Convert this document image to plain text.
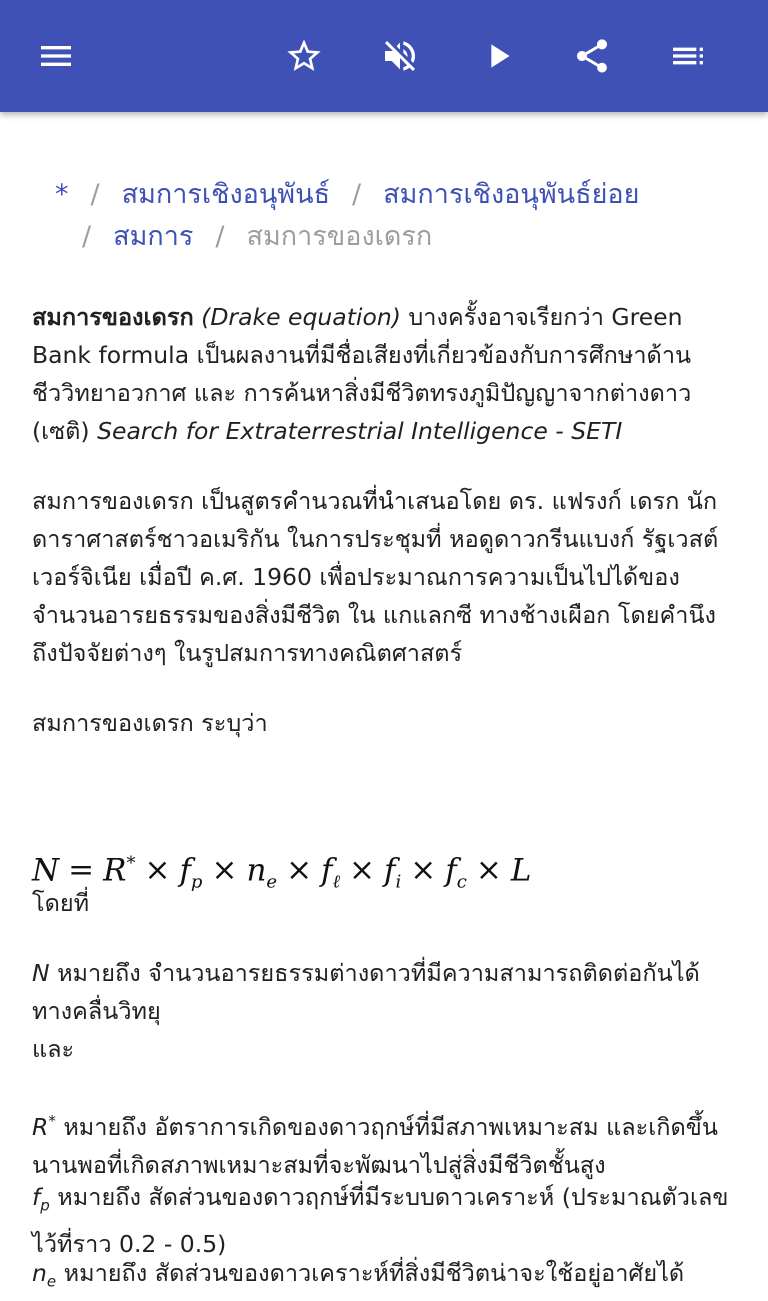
* / สมการเชิงอนุพันธ์ / สมการเชิงอนุพันธ์ย่อย
/ สมการ / สมการของเดรก

สมการของเดรก (Drake equation) บางครั้งอาจเรียกว่า Green Bank formula เป็นผลงานที่มีชื่อเสียงที่เกี่ยวข้องกับการศึกษาด้านชีววิทยาอวกาศ และ การค้นหาสิ่งมีชีวิตทรงภูมิปัญญาจากต่างดาว (เซติ) Search for Extraterrestrial Intelligence - SETI

สมการของเดรก เป็นสูตรคำนวณที่นำเสนอโดย ดร. แฟรงก์ เดรก นักดาราศาสตร์ชาวอเมริกัน ในการประชุมที่ หอดูดาวกรีนแบงก์ รัฐเวสต์เวอร์จิเนีย เมื่อปี ค.ศ. 1960 เพื่อประมาณการความเป็นไปได้ของจำนวนอารยธรรมของสิ่งมีชีวิต ใน แกแลกซี ทางช้างเผือก โดยคำนึงถึงปัจจัยต่างๆ ในรูปสมการทางคณิตศาสตร์

สมการของเดรก ระบุว่า

$N = R^* \times f_p \times n_e \times f_\ell \times f_i \times f_c \times L$

โดยที่

N หมายถึง จำนวนอารยธรรมต่างดาวที่มีความสามารถติดต่อกันได้ทางคลื่นวิทยุ

และ

R* หมายถึง อัตราการเกิดของดาวฤกษ์ที่มีสภาพเหมาะสม และเกิดขึ้นนานพอที่เกิดสภาพเหมาะสมที่จะพัฒนาไปสู่สิ่งมีชีวิตชั้นสูง

$f_p$ หมายถึง สัดส่วนของดาวฤกษ์ที่มีระบบดาวเคราะห์ (ประมาณตัวเลข ไว้ที่ราว 0.2 - 0.5)

$n_e$ หมายถึง สัดส่วนของดาวเคราะห์ที่สิ่งมีชีวิตน่าจะใช้อยู่อาศัยได้
